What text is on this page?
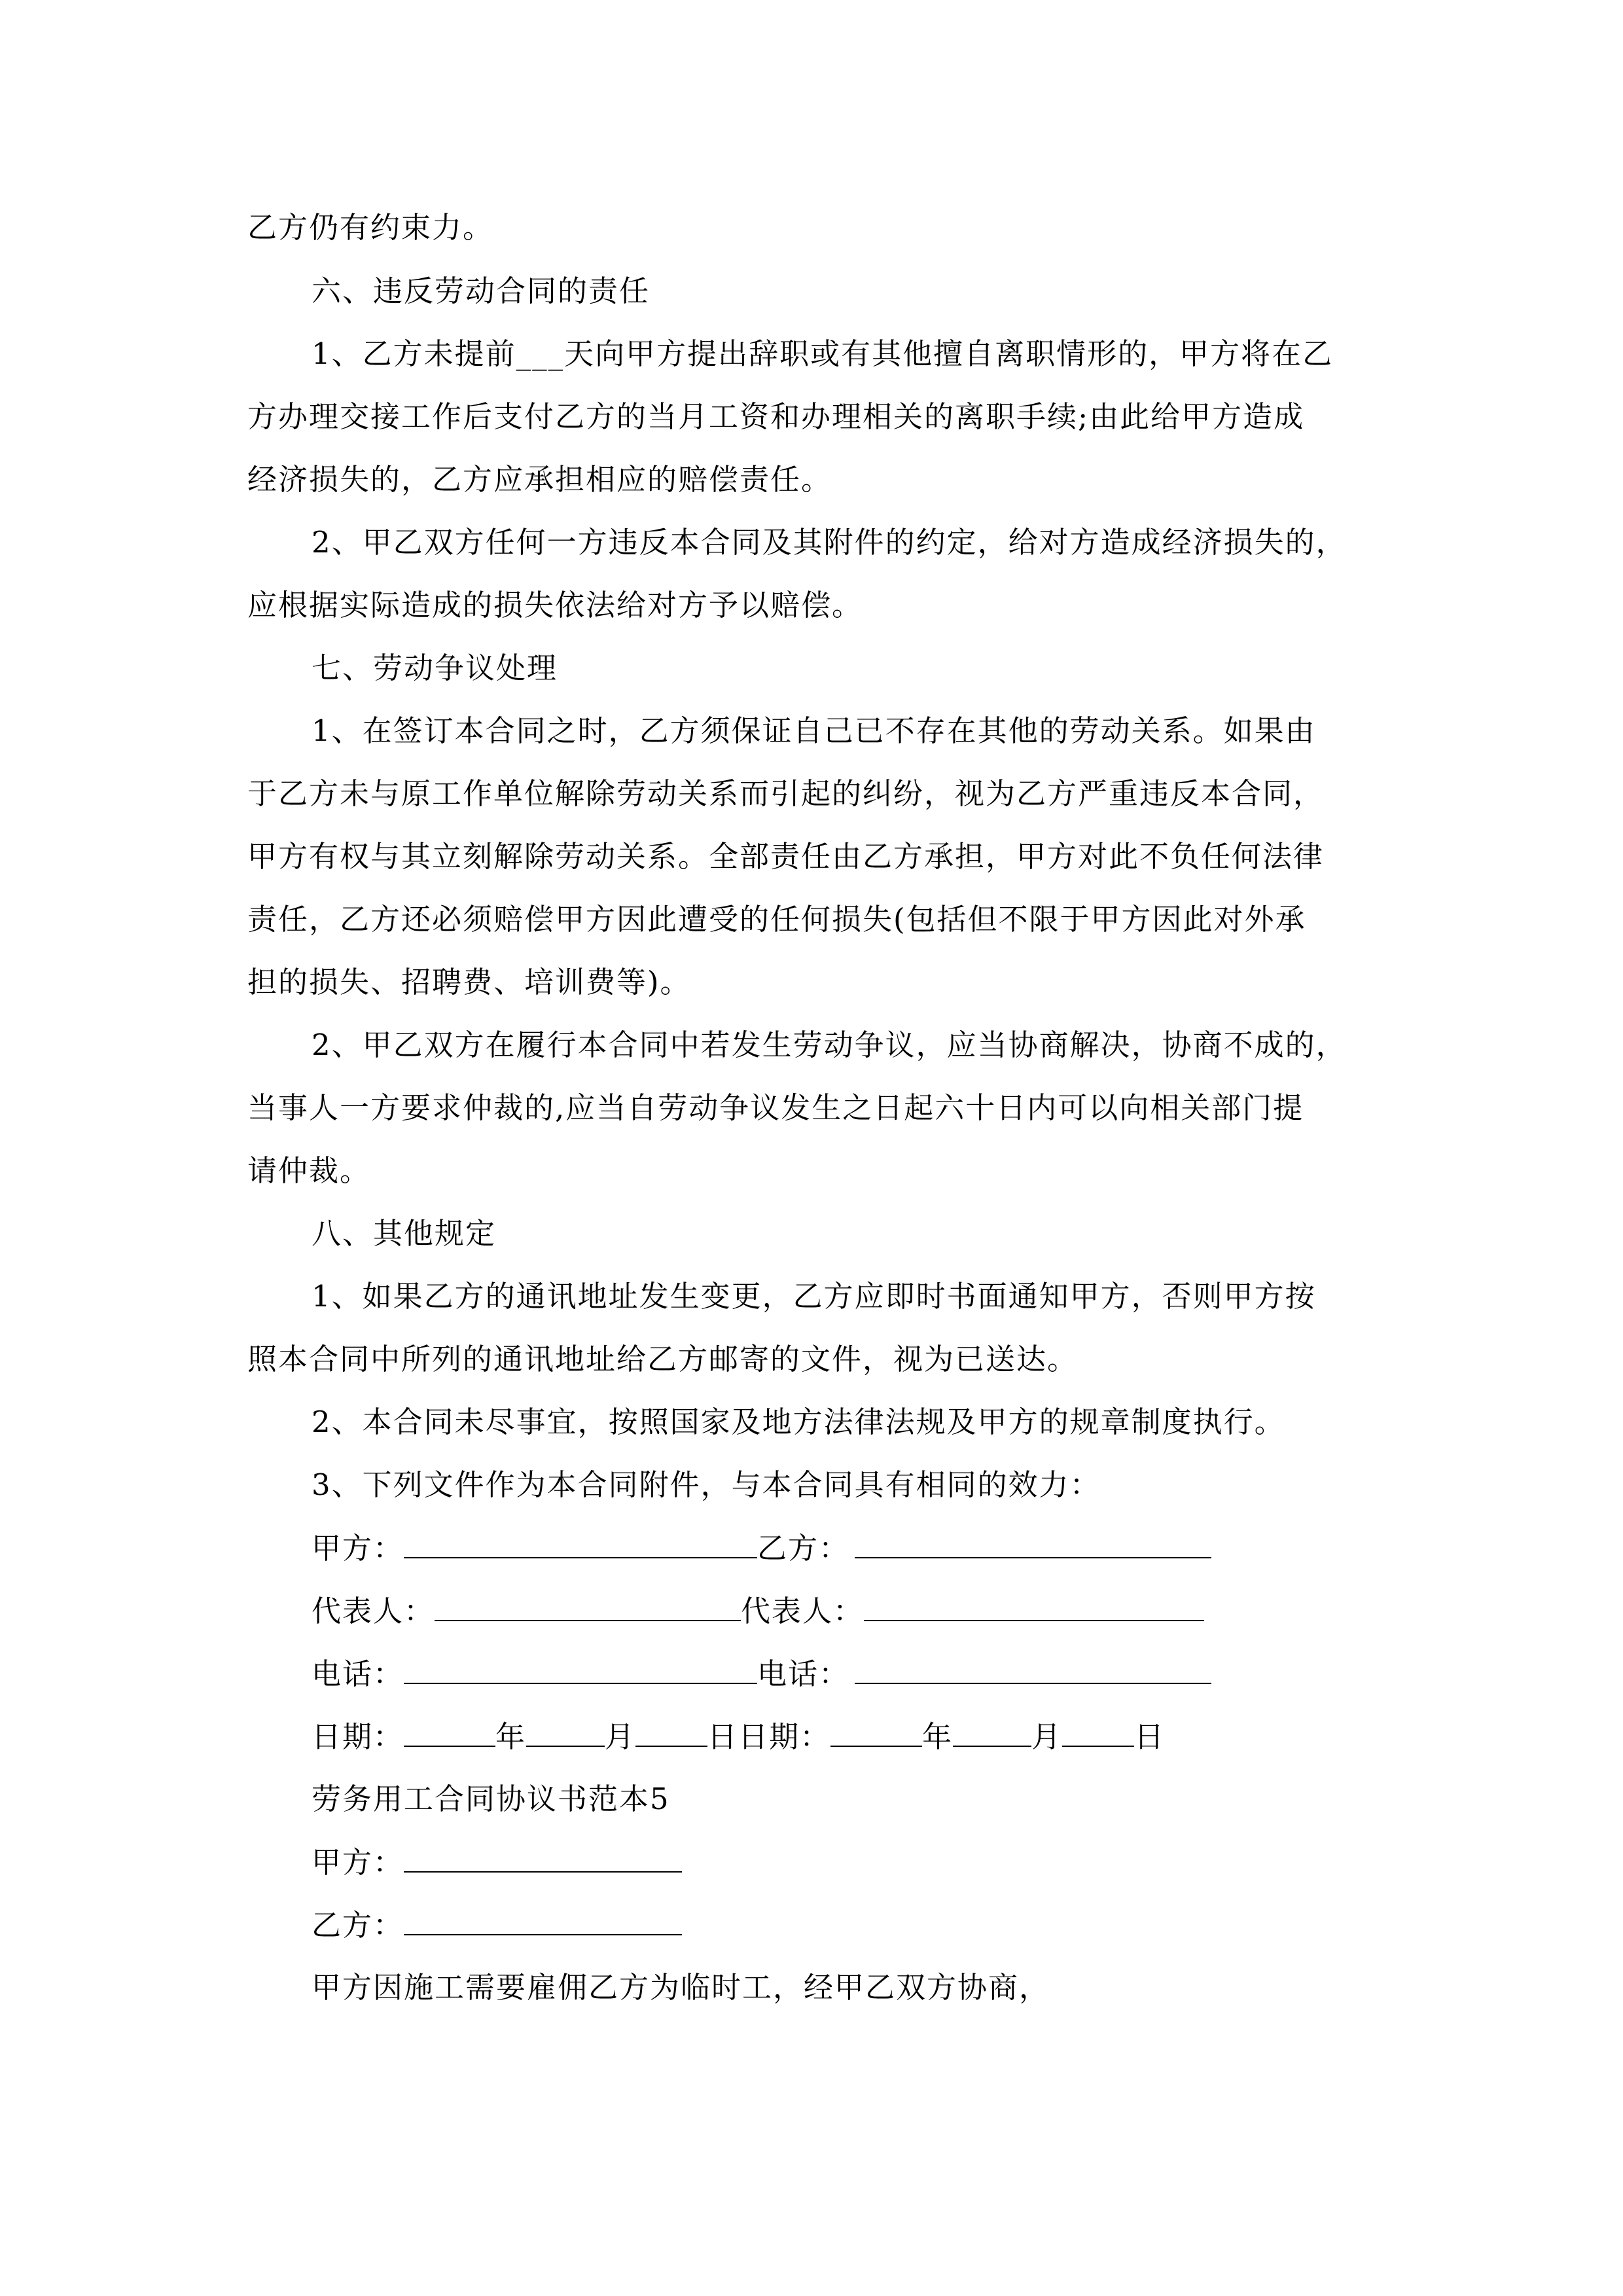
乙方仍有约束力。
六、违反劳动合同的责任
1、乙方未提前___天向甲方提出辞职或有其他擅自离职情形的，甲方将在乙
方办理交接工作后支付乙方的当月工资和办理相关的离职手续;由此给甲方造成
经济损失的，乙方应承担相应的赔偿责任。
2、甲乙双方任何一方违反本合同及其附件的约定，给对方造成经济损失的，
应根据实际造成的损失依法给对方予以赔偿。
七、劳动争议处理
1、在签订本合同之时，乙方须保证自己已不存在其他的劳动关系。如果由
于乙方未与原工作单位解除劳动关系而引起的纠纷，视为乙方严重违反本合同，
甲方有权与其立刻解除劳动关系。全部责任由乙方承担，甲方对此不负任何法律
责任，乙方还必须赔偿甲方因此遭受的任何损失(包括但不限于甲方因此对外承
担的损失、招聘费、培训费等)。
2、甲乙双方在履行本合同中若发生劳动争议，应当协商解决，协商不成的，
当事人一方要求仲裁的,应当自劳动争议发生之日起六十日内可以向相关部门提
请仲裁。
八、其他规定
1、如果乙方的通讯地址发生变更，乙方应即时书面通知甲方，否则甲方按
照本合同中所列的通讯地址给乙方邮寄的文件，视为已送达。
2、本合同未尽事宜，按照国家及地方法律法规及甲方的规章制度执行。
3、下列文件作为本合同附件，与本合同具有相同的效力：
甲方：	乙方：
代表人：	代表人：
电话：	电话：
日期：	年	月 日日期：	年	月 日
劳务用工合同协议书范本5
甲方：
乙方：
甲方因施工需要雇佣乙方为临时工，经甲乙双方协商，
